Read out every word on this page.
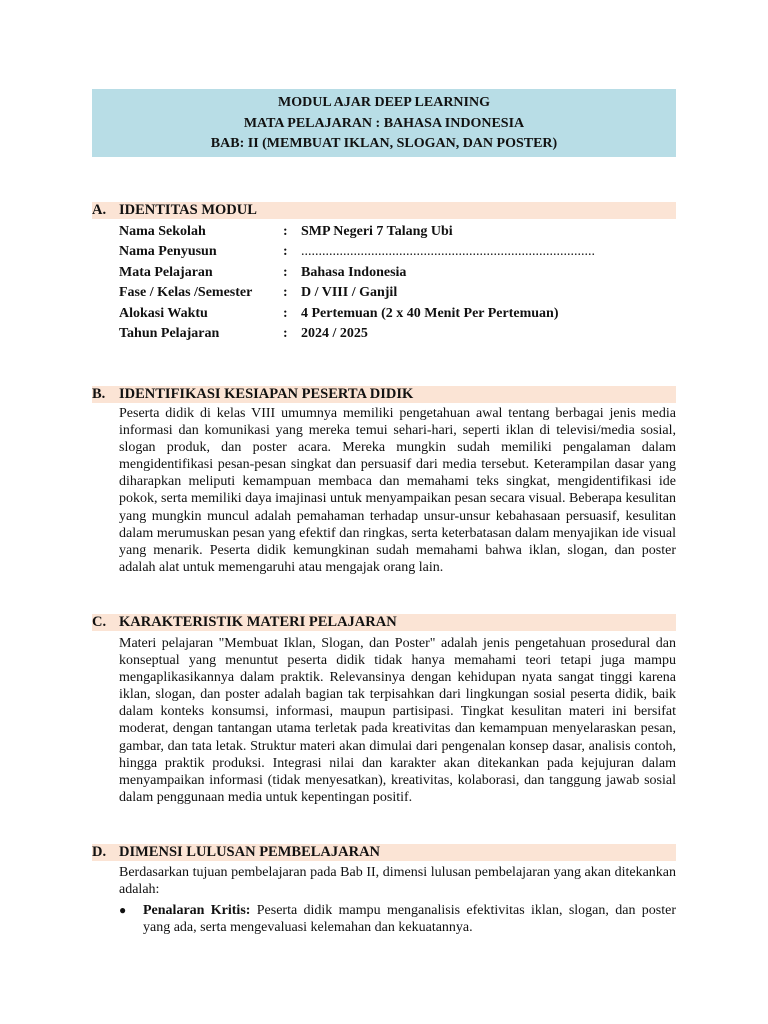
MODUL AJAR DEEP LEARNING
MATA PELAJARAN : BAHASA INDONESIA
BAB: II (MEMBUAT IKLAN, SLOGAN, DAN POSTER)
A. IDENTITAS MODUL
Nama Sekolah	: SMP Negeri 7 Talang Ubi
Nama Penyusun	: ....................................................................................
Mata Pelajaran	: Bahasa Indonesia
Fase / Kelas /Semester : D / VIII / Ganjil
Alokasi Waktu	: 4 Pertemuan (2 x 40 Menit Per Pertemuan)
Tahun Pelajaran	: 2024 / 2025
B. IDENTIFIKASI KESIAPAN PESERTA DIDIK

Peserta didik di kelas VIII umumnya memiliki pengetahuan awal tentang berbagai jenis media informasi dan komunikasi yang mereka temui sehari-hari, seperti iklan di televisi/media sosial, slogan produk, dan poster acara. Mereka mungkin sudah memiliki pengalaman dalam mengidentifikasi pesan-pesan singkat dan persuasif dari media tersebut. Keterampilan dasar yang diharapkan meliputi kemampuan membaca dan memahami teks singkat, mengidentifikasi ide pokok, serta memiliki daya imajinasi untuk menyampaikan pesan secara visual. Beberapa kesulitan yang mungkin muncul adalah pemahaman terhadap unsur-unsur kebahasaan persuasif, kesulitan dalam merumuskan pesan yang efektif dan ringkas, serta keterbatasan dalam menyajikan ide visual yang menarik. Peserta didik kemungkinan sudah memahami bahwa iklan, slogan, dan poster adalah alat untuk memengaruhi atau mengajak orang lain.

C. KARAKTERISTIK MATERI PELAJARAN

Materi pelajaran "Membuat Iklan, Slogan, dan Poster" adalah jenis pengetahuan prosedural dan konseptual yang menuntut peserta didik tidak hanya memahami teori tetapi juga mampu mengaplikasikannya dalam praktik. Relevansinya dengan kehidupan nyata sangat tinggi karena iklan, slogan, dan poster adalah bagian tak terpisahkan dari lingkungan sosial peserta didik, baik dalam konteks konsumsi, informasi, maupun partisipasi. Tingkat kesulitan materi ini bersifat moderat, dengan tantangan utama terletak pada kreativitas dan kemampuan menyelaraskan pesan, gambar, dan tata letak. Struktur materi akan dimulai dari pengenalan konsep dasar, analisis contoh, hingga praktik produksi. Integrasi nilai dan karakter akan ditekankan pada kejujuran dalam menyampaikan informasi (tidak menyesatkan), kreativitas, kolaborasi, dan tanggung jawab sosial dalam penggunaan media untuk kepentingan positif.

D. DIMENSI LULUSAN PEMBELAJARAN

Berdasarkan tujuan pembelajaran pada Bab II, dimensi lulusan pembelajaran yang akan ditekankan adalah:

● Penalaran Kritis: Peserta didik mampu menganalisis efektivitas iklan, slogan, dan poster yang ada, serta mengevaluasi kelemahan dan kekuatannya.
